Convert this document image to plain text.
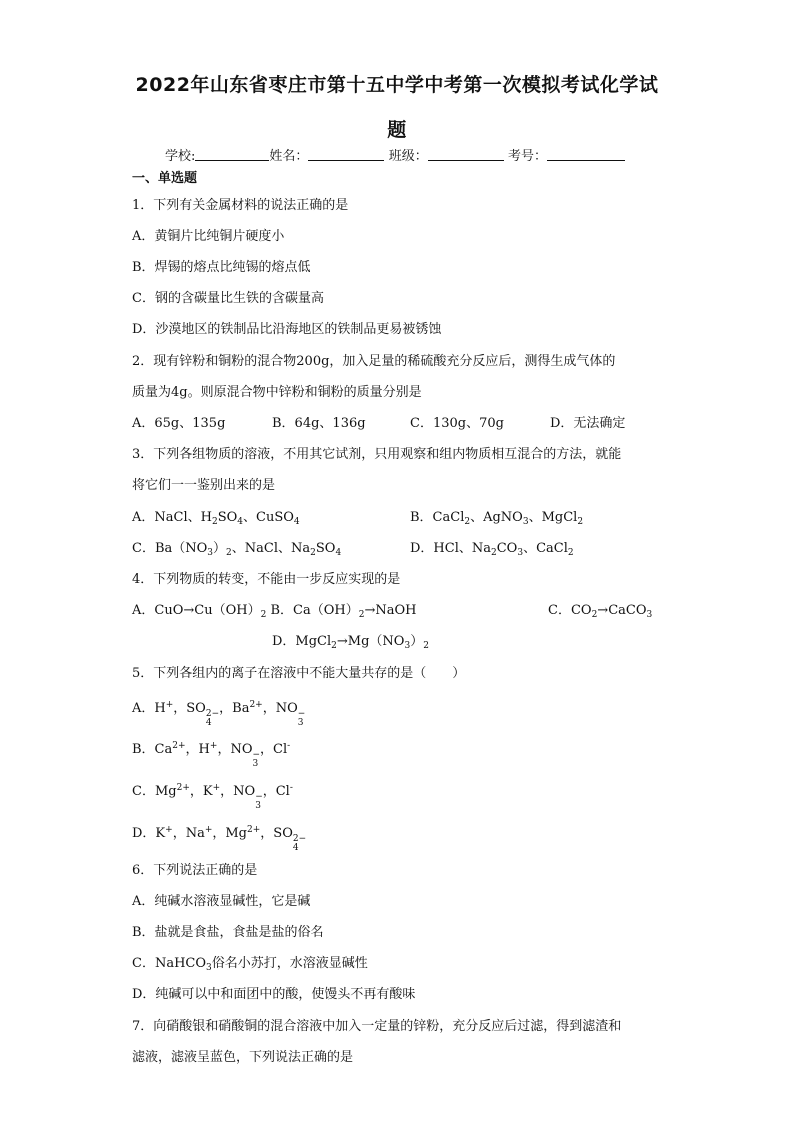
2022年山东省枣庄市第十五中学中考第一次模拟考试化学试
题
学校:	姓名： 	班级： 	考号：
一、单选题
1．下列有关金属材料的说法正确的是
A．黄铜片比纯铜片硬度小
B．焊锡的熔点比纯锡的熔点低
C．钢的含碳量比生铁的含碳量高
D．沙漠地区的铁制品比沿海地区的铁制品更易被锈蚀
2．现有锌粉和铜粉的混合物200g，加入足量的稀硫酸充分反应后，测得生成气体的
质量为4g。则原混合物中锌粉和铜粉的质量分别是
A．65g、135g	B．64g、136g	C．130g、70g	D．无法确定
3．下列各组物质的溶液，不用其它试剂，只用观察和组内物质相互混合的方法，就能
将它们一一鉴别出来的是
A．NaCl、$H_2SO_4$、CuSO$_4$	B．CaCl$_2$、AgNO$_3$、MgCl$_2$
C．$Ba(NO_3)_2$、NaCl、$Na_2SO_4$	D．HCl、$Na_2CO_3$、CaCl$_2$
4．下列物质的转变，不能由一步反应实现的是
A．$CuO\to Cu(OH)_2$ B．$Ca(OH)_2\to NaOH$	C．$CO_2\to CaCO_3$
D．$MgCl_2\to Mg(NO_3)_2$
5．下列各组内的离子在溶液中不能大量共存的是（　　）
A．H+，SO 2−
4
，$Ba^{2+}$，NO −
3
B．$Ca^{2+}$，H+，NO −
3
，Cl-
C．$Mg^{2+}$，K+，NO −
3
，Cl-
D．K+，Na+，$Mg^{2+}$，SO 2−
4
6．下列说法正确的是
A．纯碱水溶液显碱性，它是碱
B．盐就是食盐，食盐是盐的俗名
C．NaHCO$_3$俗名小苏打，水溶液显碱性
D．纯碱可以中和面团中的酸，使馒头不再有酸味
7．向硝酸银和硝酸铜的混合溶液中加入一定量的锌粉，充分反应后过滤，得到滤渣和
滤液，滤液呈蓝色，下列说法正确的是
